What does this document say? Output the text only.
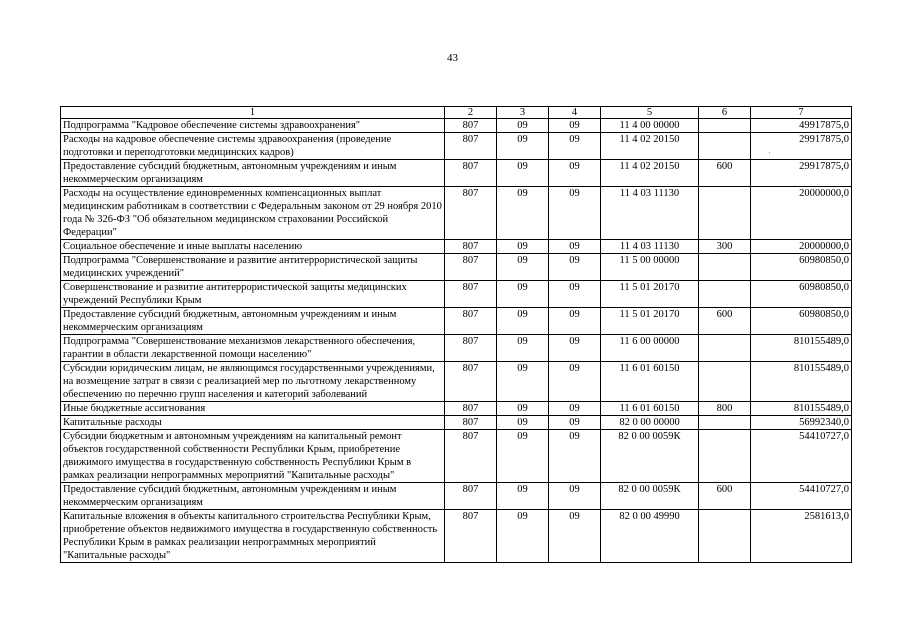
43
1	2	3	4	5	6	7
Подпрограмма "Кадровое обеспечение системы здравоохранения"	807	09	09	11 4 00 00000		49917875,0
Расходы на кадровое обеспечение системы здравоохранения (проведение подготовки и переподготовки медицинских кадров)	807	09	09	11 4 02 20150		29917875,0
Предоставление субсидий бюджетным, автономным учреждениям и иным некоммерческим организациям	807	09	09	11 4 02 20150	600	29917875,0
Расходы на осуществление единовременных компенсационных выплат медицинским работникам в соответствии с Федеральным законом от 29 ноября 2010 года № 326-ФЗ "Об обязательном медицинском страховании Российской Федерации"	807	09	09	11 4 03 11130		20000000,0
Социальное обеспечение и иные выплаты населению	807	09	09	11 4 03 11130	300	20000000,0
Подпрограмма "Совершенствование и развитие антитеррористической защиты медицинских учреждений"	807	09	09	11 5 00 00000		60980850,0
Совершенствование и развитие антитеррористической защиты медицинских учреждений Республики Крым	807	09	09	11 5 01 20170		60980850,0
Предоставление субсидий бюджетным, автономным учреждениям и иным некоммерческим организациям	807	09	09	11 5 01 20170	600	60980850,0
Подпрограмма "Совершенствование механизмов лекарственного обеспечения, гарантии в области лекарственной помощи населению"	807	09	09	11 6 00 00000		810155489,0
Субсидии юридическим лицам, не являющимся государственными учреждениями, на возмещение затрат в связи с реализацией мер по льготному лекарственному обеспечению по перечню групп населения и категорий заболеваний	807	09	09	11 6 01 60150		810155489,0
Иные бюджетные ассигнования	807	09	09	11 6 01 60150	800	810155489,0
Капитальные расходы	807	09	09	82 0 00 00000		56992340,0
Субсидии бюджетным и автономным учреждениям на капитальный ремонт объектов государственной собственности Республики Крым, приобретение движимого имущества в государственную собственность Республики Крым в рамках реализации непрограммных мероприятий "Капитальные расходы"	807	09	09	82 0 00 0059К		54410727,0
Предоставление субсидий бюджетным, автономным учреждениям и иным некоммерческим организациям	807	09	09	82 0 00 0059К	600	54410727,0
Капитальные вложения в объекты капитального строительства Республики Крым, приобретение объектов недвижимого имущества в государственную собственность Республики Крым в рамках реализации непрограммных мероприятий "Капитальные расходы"	807	09	09	82 0 00 49990		2581613,0
·
